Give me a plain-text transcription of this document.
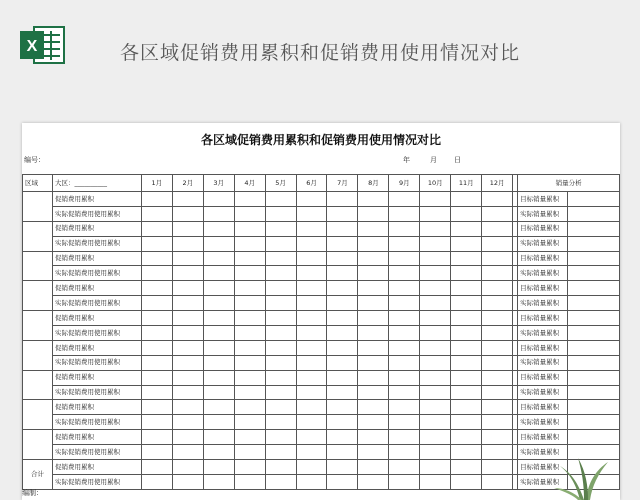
X	各区域促销费用累积和促销费用使用情况对比
各区域促销费用累积和促销费用使用情况对比
编号：	年	月 日
区域	大区：__________	1月	2月	3月	4月	5月	6月	7月	8月	9月	10月	11月	12月		销量分析	
	促销费用累积														目标销量累积	
	实际促销费用使用累积														实际销量累积	
	促销费用累积														目标销量累积	
	实际促销费用使用累积														实际销量累积	
	促销费用累积														目标销量累积	
	实际促销费用使用累积														实际销量累积	
	促销费用累积														目标销量累积	
	实际促销费用使用累积														实际销量累积	
	促销费用累积														目标销量累积	
	实际促销费用使用累积														实际销量累积	
	促销费用累积														目标销量累积	
	实际促销费用使用累积														实际销量累积	
	促销费用累积														目标销量累积	
	实际促销费用使用累积														实际销量累积	
	促销费用累积														目标销量累积	
	实际促销费用使用累积														实际销量累积	
	促销费用累积														目标销量累积	
	实际促销费用使用累积														实际销量累积	
合计	促销费用累积														目标销量累积	
	实际促销费用使用累积														实际销量累积	
编制：
